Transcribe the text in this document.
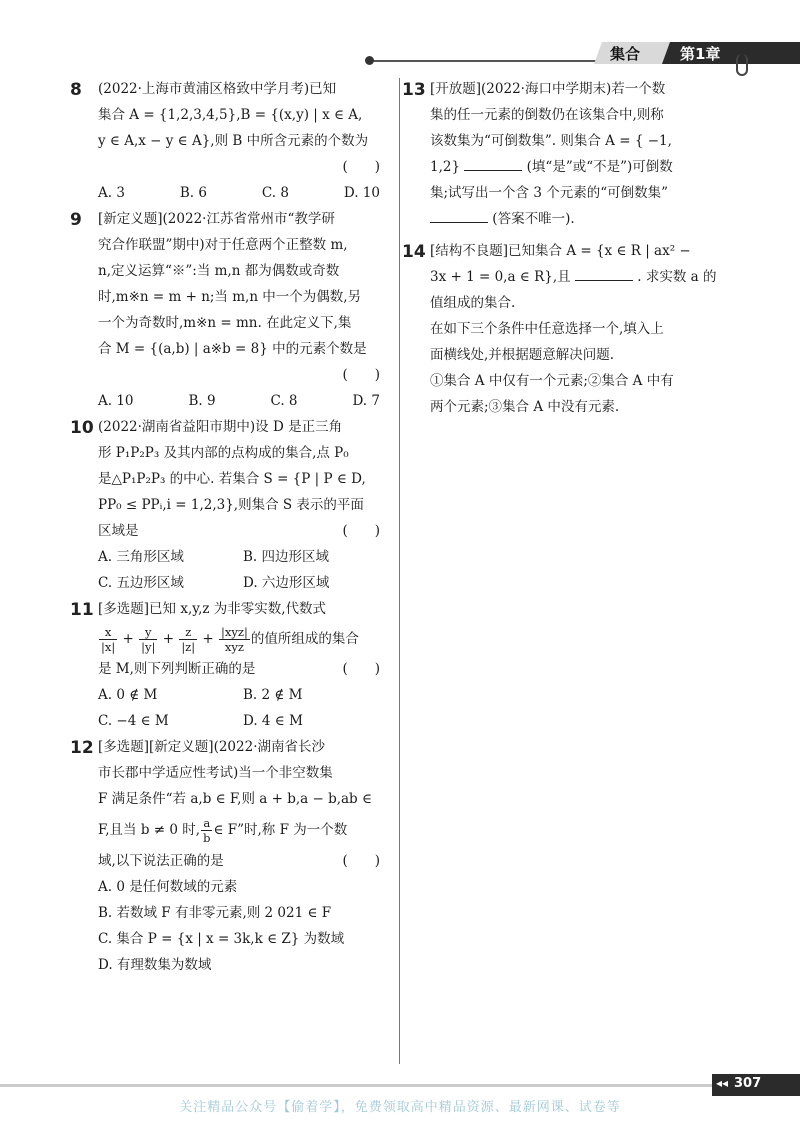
集合	第1章
8 (2022·上海市黄浦区格致中学月考)已知
集合 A = {1,2,3,4,5},B = {(x,y) | x ∈ A,
y ∈ A,x − y ∈ A},则 B 中所含元素的个数为
(　　)
A. 3	B. 6	C. 8	D. 10
9 [新定义题](2022·江苏省常州市“教学研
究合作联盟”期中)对于任意两个正整数 m,
n,定义运算“※”:当 m,n 都为偶数或奇数
时,m※n = m + n;当 m,n 中一个为偶数,另
一个为奇数时,m※n = mn. 在此定义下,集
合 M = {(a,b) | a※b = 8} 中的元素个数是
(　　)
A. 10	B. 9	C. 8	D. 7
10 (2022·湖南省益阳市期中)设 D 是正三角
形 P₁P₂P₃ 及其内部的点构成的集合,点 P₀
是△P₁P₂P₃ 的中心. 若集合 S = {P | P ∈ D,
PP₀ ≤ PPᵢ,i = 1,2,3},则集合 S 表示的平面
区域是	(　　)
A. 三角形区域	B. 四边形区域
C. 五边形区域	D. 六边形区域
11 [多选题]已知 x,y,z 为非零实数,代数式
$\frac{x}{|x|} + \frac{y}{|y|} + \frac{z}{|z|} + \frac{\text{|xyz|}}{\text{xyz}}$ 的值所组成的集合
是 M,则下列判断正确的是	(　　)
A. 0 ∉ M	B. 2 ∉ M
C. −4 ∈ M	D. 4 ∈ M
12 [多选题][新定义题](2022·湖南省长沙
市长郡中学适应性考试)当一个非空数集
F 满足条件“若 a,b ∈ F,则 a + b,a − b,ab ∈
F,且当 b ≠ 0 时, $\frac{a}{b}$ ∈ F”时,称 F 为一个数
域,以下说法正确的是	(　　)
A. 0 是任何数域的元素
B. 若数域 F 有非零元素,则 2 021 ∈ F
C. 集合 P = {x | x = 3k,k ∈ Z} 为数域
D. 有理数集为数域
13 [开放题](2022·海口中学期末)若一个数
集的任一元素的倒数仍在该集合中,则称
该数集为“可倒数集”. 则集合 A = { −1,
1,2}	(填“是”或“不是”)可倒数
集;试写出一个含 3 个元素的“可倒数集”
(答案不唯一).
14 [结构不良题]已知集合 A = {x ∈ R | ax² −
3x + 1 = 0,a ∈ R},且	. 求实数 a 的
值组成的集合.
在如下三个条件中任意选择一个,填入上
面横线处,并根据题意解决问题.
①集合 A 中仅有一个元素;②集合 A 中有
两个元素;③集合 A 中没有元素.
◂◂ 307
关注精品公众号【偷着学】，免费领取高中精品资源、最新网课、试卷等
